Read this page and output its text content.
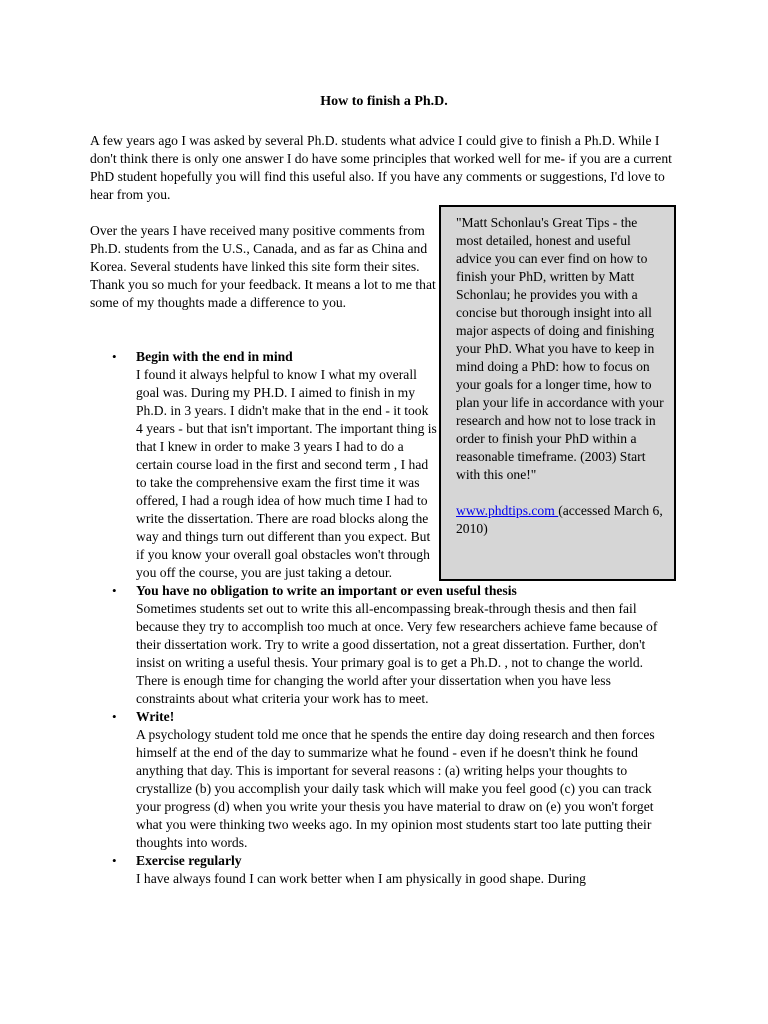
How to finish a Ph.D.

A few years ago I was asked by several Ph.D. students what advice I could give to finish a Ph.D. While I don't think there is only one answer I do have some principles that worked well for me- if you are a current PhD student hopefully you will find this useful also. If you have any comments or suggestions, I'd love to hear from you.

Over the years I have received many positive comments from Ph.D. students from the U.S., Canada, and as far as China and Korea. Several students have linked this site form their sites. Thank you so much for your feedback. It means a lot to me that some of my thoughts made a difference to you.

"Matt Schonlau's Great Tips - the most detailed, honest and useful advice you can ever find on how to finish your PhD, written by Matt Schonlau; he provides you with a concise but thorough insight into all major aspects of doing and finishing your PhD. What you have to keep in mind doing a PhD: how to focus on your goals for a longer time, how to plan your life in accordance with your research and how not to lose track in order to finish your PhD within a reasonable timeframe. (2003) Start with this one!"

www.phdtips.com (accessed March 6, 2010)
• Begin with the end in mind
I found it always helpful to know I what my overall goal was. During my PH.D. I aimed to finish in my Ph.D. in 3 years. I didn't make that in the end - it took 4 years - but that isn't important. The important thing is that I knew in order to make 3 years I had to do a certain course load in the first and second term , I had to take the comprehensive exam the first time it was offered, I had a rough idea of how much time I had to write the dissertation. There are road blocks along the way and things turn out different than you expect. But if you know your overall goal obstacles won't through you off the course, you are just taking a detour.
• You have no obligation to write an important or even useful thesis
Sometimes students set out to write this all-encompassing break-through thesis and then fail because they try to accomplish too much at once. Very few researchers achieve fame because of their dissertation work. Try to write a good dissertation, not a great dissertation. Further, don't insist on writing a useful thesis. Your primary goal is to get a Ph.D. , not to change the world. There is enough time for changing the world after your dissertation when you have less constraints about what criteria your work has to meet.
• Write!
A psychology student told me once that he spends the entire day doing research and then forces himself at the end of the day to summarize what he found - even if he doesn't think he found anything that day. This is important for several reasons : (a) writing helps your thoughts to crystallize (b) you accomplish your daily task which will make you feel good (c) you can track your progress (d) when you write your thesis you have material to draw on (e) you won't forget what you were thinking two weeks ago. In my opinion most students start too late putting their thoughts into words.
• Exercise regularly
I have always found I can work better when I am physically in good shape. During
